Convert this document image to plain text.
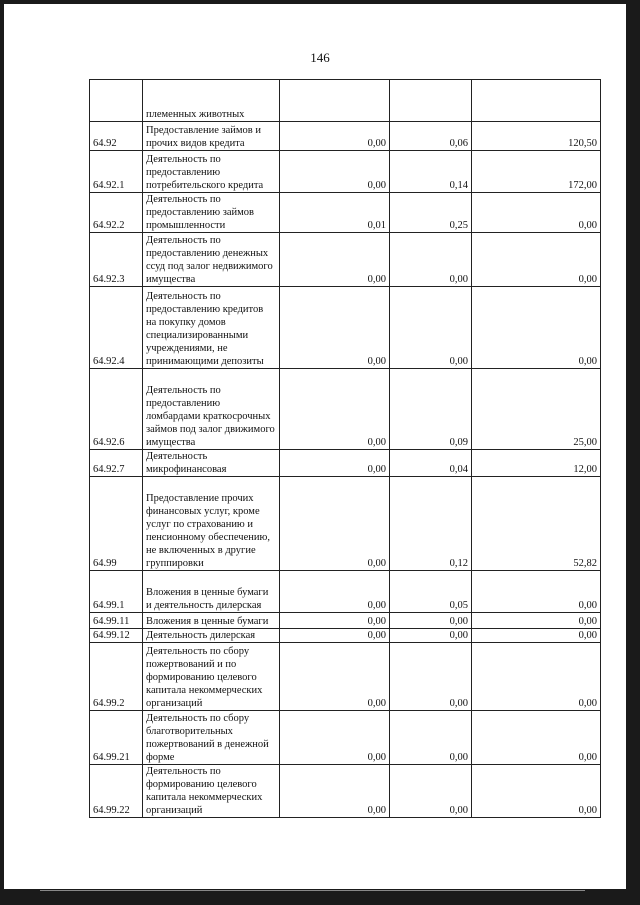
146
	племенных животных			
64.92	Предоставление займов и прочих видов кредита	0,00	0,06	120,50
64.92.1	Деятельность по предоставлению потребительского кредита	0,00	0,14	172,00
64.92.2	Деятельность по предоставлению займов промышленности	0,01	0,25	0,00
64.92.3	Деятельность по предоставлению денежных ссуд под залог недвижимого имущества	0,00	0,00	0,00
64.92.4	Деятельность по предоставлению кредитов на покупку домов специализированными учреждениями, не принимающими депозиты	0,00	0,00	0,00
64.92.6	Деятельность по предоставлению ломбардами краткосрочных займов под залог движимого имущества	0,00	0,09	25,00
64.92.7	Деятельность микрофинансовая	0,00	0,04	12,00
64.99	Предоставление прочих финансовых услуг, кроме услуг по страхованию и пенсионному обеспечению, не включенных в другие группировки	0,00	0,12	52,82
64.99.1	Вложения в ценные бумаги и деятельность дилерская	0,00	0,05	0,00
64.99.11	Вложения в ценные бумаги	0,00	0,00	0,00
64.99.12	Деятельность дилерская	0,00	0,00	0,00
64.99.2	Деятельность по сбору пожертвований и по формированию целевого капитала некоммерческих организаций	0,00	0,00	0,00
64.99.21	Деятельность по сбору благотворительных пожертвований в денежной форме	0,00	0,00	0,00
64.99.22	Деятельность по формированию целевого капитала некоммерческих организаций	0,00	0,00	0,00
